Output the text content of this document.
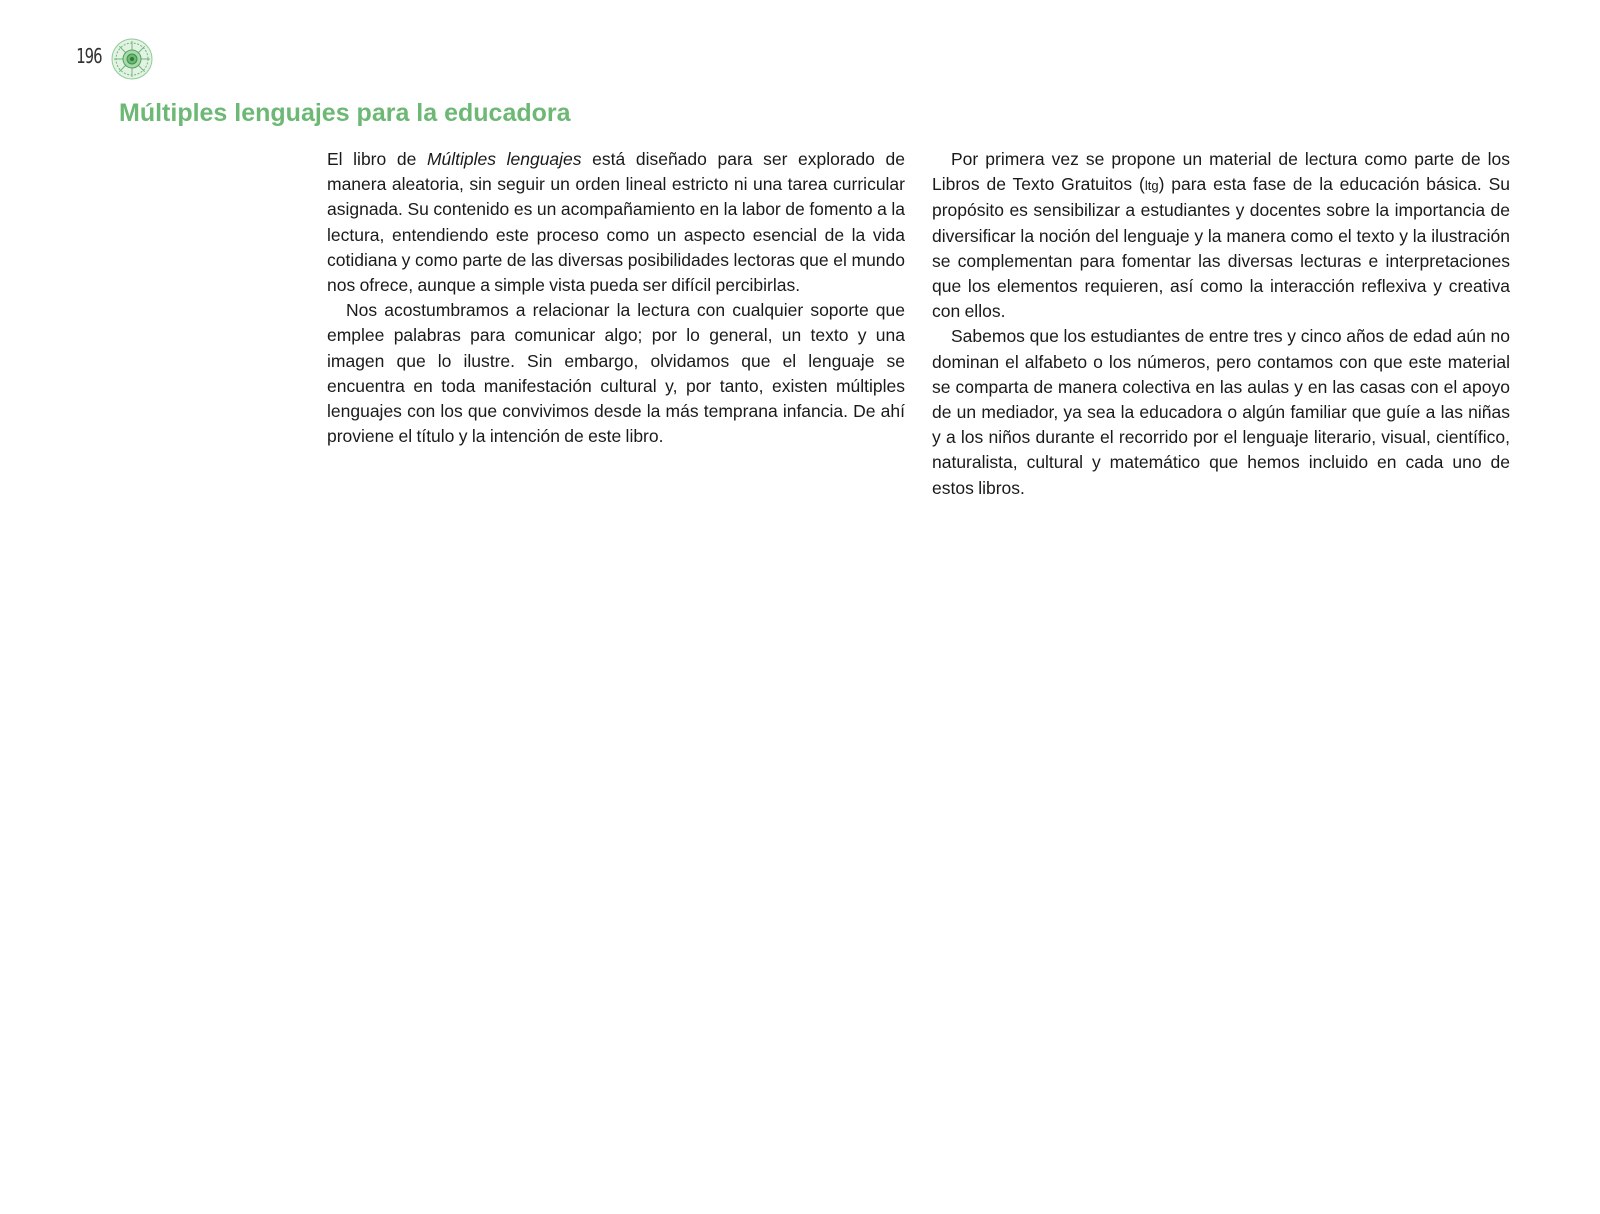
196
Múltiples lenguajes para la educadora

El libro de Múltiples lenguajes está diseñado para ser explorado de manera aleatoria, sin seguir un orden lineal estricto ni una tarea curricular asignada. Su contenido es un acompañamiento en la labor de fomento a la lectura, entendiendo este proceso como un aspecto esencial de la vida cotidiana y como parte de las diversas posibilidades lectoras que el mundo nos ofrece, aunque a simple vista pueda ser difícil percibirlas.

Nos acostumbramos a relacionar la lectura con cualquier soporte que emplee palabras para comunicar algo; por lo general, un texto y una imagen que lo ilustre. Sin embargo, olvidamos que el lenguaje se encuentra en toda manifestación cultural y, por tanto, existen múltiples lenguajes con los que convivimos desde la más temprana infancia. De ahí proviene el título y la intención de este libro.

Por primera vez se propone un material de lectura como parte de los Libros de Texto Gratuitos (ltg) para esta fase de la educación básica. Su propósito es sensibilizar a estudiantes y docentes sobre la importancia de diversificar la noción del lenguaje y la manera como el texto y la ilustración se complementan para fomentar las diversas lecturas e interpretaciones que los elementos requieren, así como la interacción reflexiva y creativa con ellos.

Sabemos que los estudiantes de entre tres y cinco años de edad aún no dominan el alfabeto o los números, pero contamos con que este material se comparta de manera colectiva en las aulas y en las casas con el apoyo de un mediador, ya sea la educadora o algún familiar que guíe a las niñas y a los niños durante el recorrido por el lenguaje literario, visual, científico, naturalista, cultural y matemático que hemos incluido en cada uno de estos libros.
